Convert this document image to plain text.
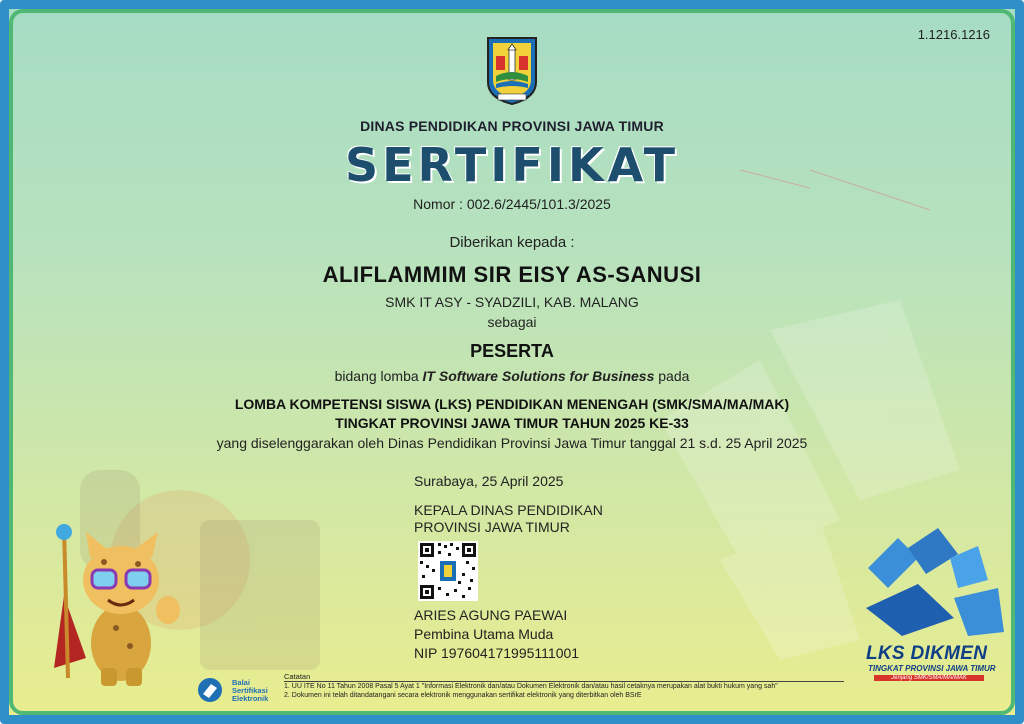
1.1216.1216
DINAS PENDIDIKAN PROVINSI JAWA TIMUR
SERTIFIKAT
Nomor : 002.6/2445/101.3/2025
Diberikan kepada :
ALIFLAMMIM SIR EISY AS-SANUSI
SMK IT ASY - SYADZILI, KAB. MALANG
sebagai
PESERTA
bidang lomba IT Software Solutions for Business pada
LOMBA KOMPETENSI SISWA (LKS) PENDIDIKAN MENENGAH (SMK/SMA/MA/MAK)
TINGKAT PROVINSI JAWA TIMUR TAHUN 2025 KE-33
yang diselenggarakan oleh Dinas Pendidikan Provinsi Jawa Timur tanggal 21 s.d. 25 April 2025
Surabaya, 25 April 2025
KEPALA DINAS PENDIDIKAN
PROVINSI JAWA TIMUR
ARIES AGUNG PAEWAI
Pembina Utama Muda
NIP 197604171995111001
Balai
Sertifikasi
Elektronik
Catatan
1. UU ITE No 11 Tahun 2008 Pasal 5 Ayat 1 "Informasi Elektronik dan/atau Dokumen Elektronik dan/atau hasil cetaknya merupakan alat bukti hukum yang sah"
2. Dokumen ini telah ditandatangani secara elektronik menggunakan sertifikat elektronik yang diterbitkan oleh BSrE
LKS DIKMEN
TINGKAT PROVINSI JAWA TIMUR
Jenjang SMK/SMA/MA/MAK
